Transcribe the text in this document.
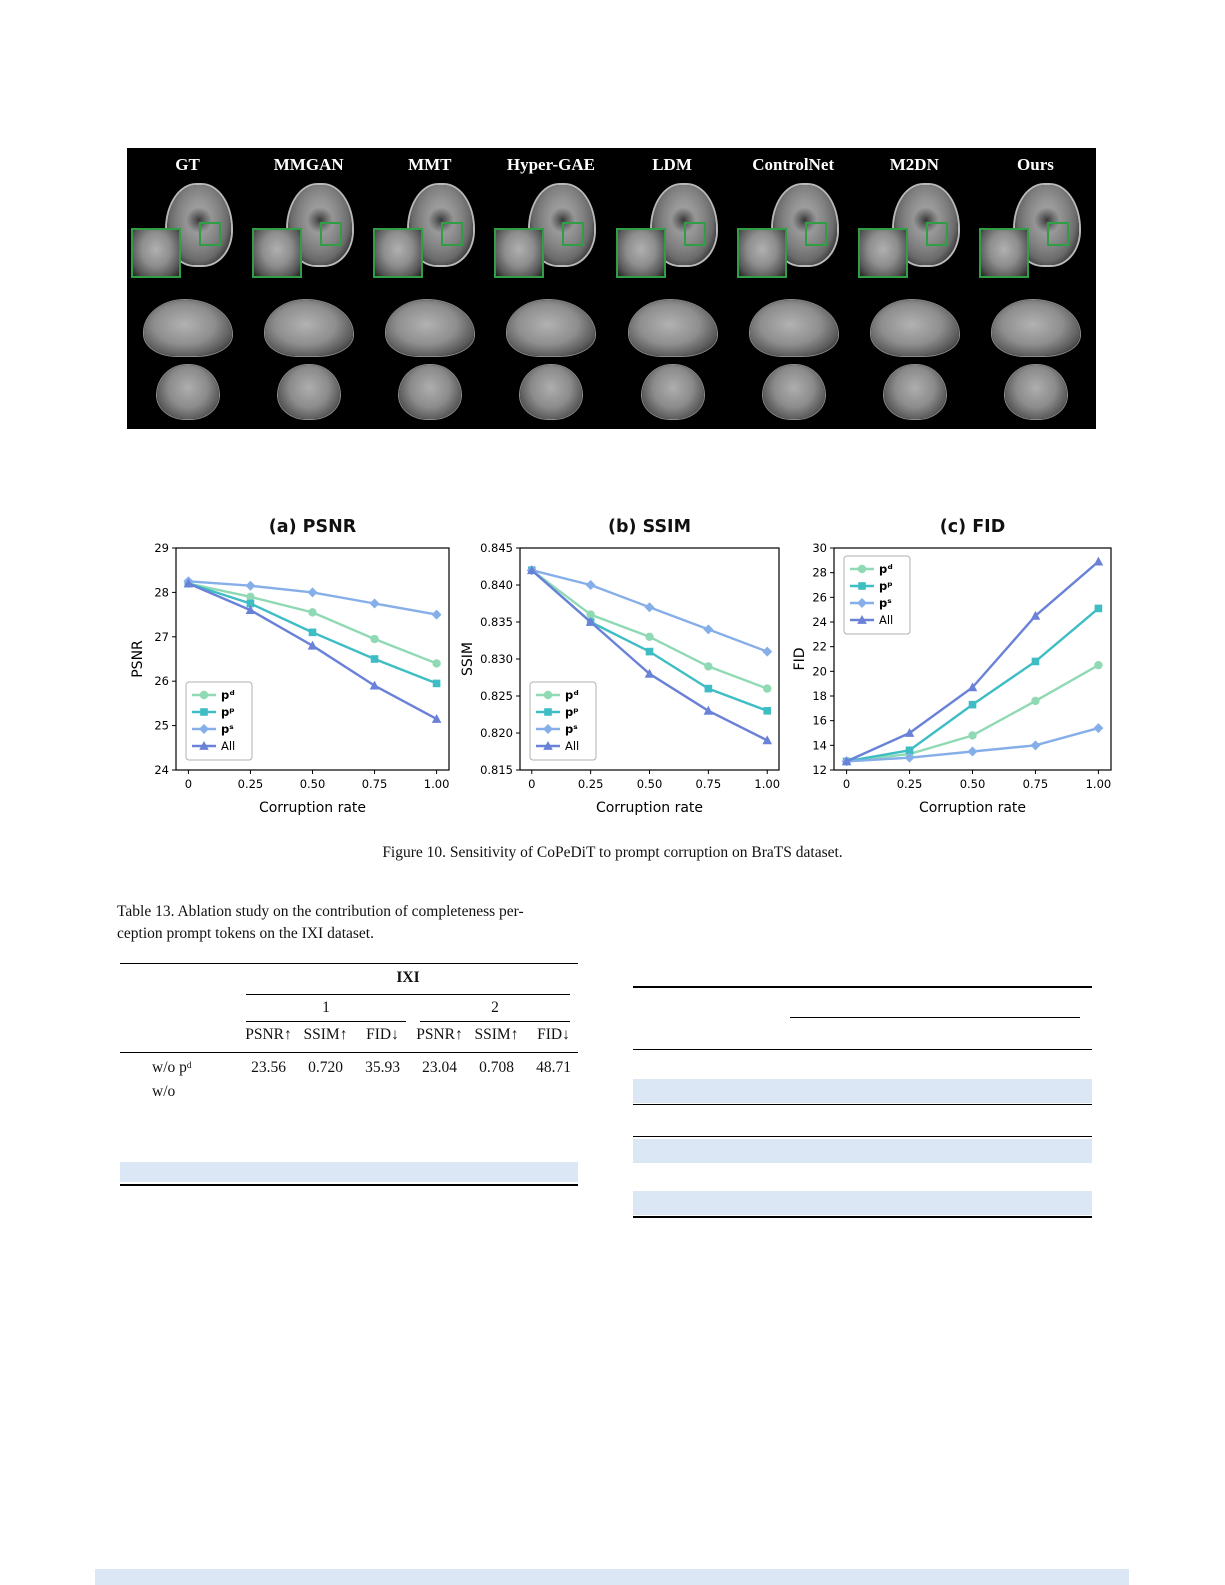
GT	MMGAN	MMT	Hyper-GAE	LDM	ControlNet	M2DN	Ours
(a) PSNR
0	0.25	0.50	0.75	1.00
24
25
26
27
28
29
Corruption rate
PSNR
pᵈ
pᵖ
pˢ
All
(b) SSIM
0	0.25	0.50	0.75	1.00
0.815
0.820
0.825
0.830
0.835
0.840
0.845
Corruption rate
SSIM
pᵈ
pᵖ
pˢ
All
(c) FID
0	0.25	0.50	0.75	1.00
12
14
16
18
20
22
24
26
28
30
Corruption rate
FID
pᵈ
pᵖ
pˢ
All
Figure 10. Sensitivity of CoPeDiT to prompt corruption on BraTS dataset.
Table 13. Ablation study on the contribution of completeness per-
ception prompt tokens on the IXI dataset.
IXI
1	2
PSNR↑ SSIM↑	FID↓	PSNR↑ SSIM↑	FID↓
w/o pᵈ	23.56	0.720	35.93	23.04	0.708	48.71
w/o
